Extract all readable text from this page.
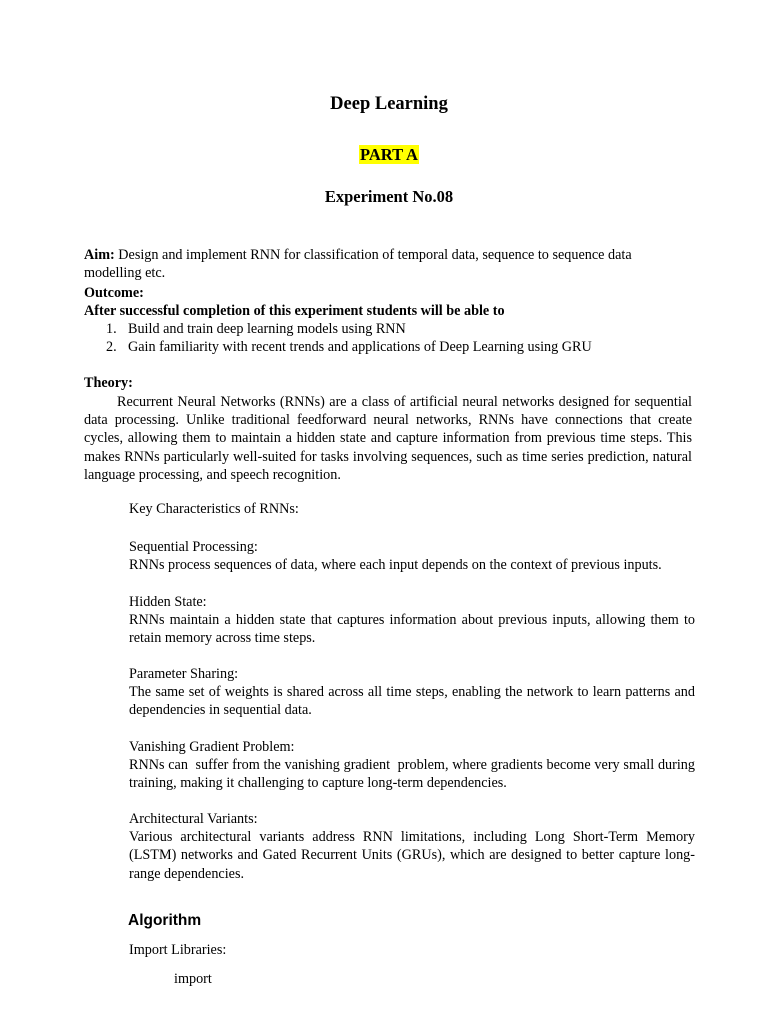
Deep Learning
PART A
Experiment No.08

Aim: Design and implement RNN for classification of temporal data, sequence to sequence data modelling etc.

Outcome:

After successful completion of this experiment students will be able to

1. Build and train deep learning models using RNN
2. Gain familiarity with recent trends and applications of Deep Learning using GRU

Theory:

Recurrent Neural Networks (RNNs) are a class of artificial neural networks designed for sequential data processing. Unlike traditional feedforward neural networks, RNNs have connections that create cycles, allowing them to maintain a hidden state and capture information from previous time steps. This makes RNNs particularly well-suited for tasks involving sequences, such as time series prediction, natural language processing, and speech recognition.

Key Characteristics of RNNs:

Sequential Processing:
RNNs process sequences of data, where each input depends on the context of previous inputs.
Hidden State:
RNNs maintain a hidden state that captures information about previous inputs, allowing them to retain memory across time steps.
Parameter Sharing:
The same set of weights is shared across all time steps, enabling the network to learn patterns and dependencies in sequential data.
Vanishing Gradient Problem:
RNNs can  suffer from the vanishing gradient  problem, where gradients become very small during training, making it challenging to capture long-term dependencies.
Architectural Variants:
Various architectural variants address RNN limitations, including Long Short-Term Memory (LSTM) networks and Gated Recurrent Units (GRUs), which are designed to better capture long-range dependencies.

Algorithm

Import Libraries:

import
